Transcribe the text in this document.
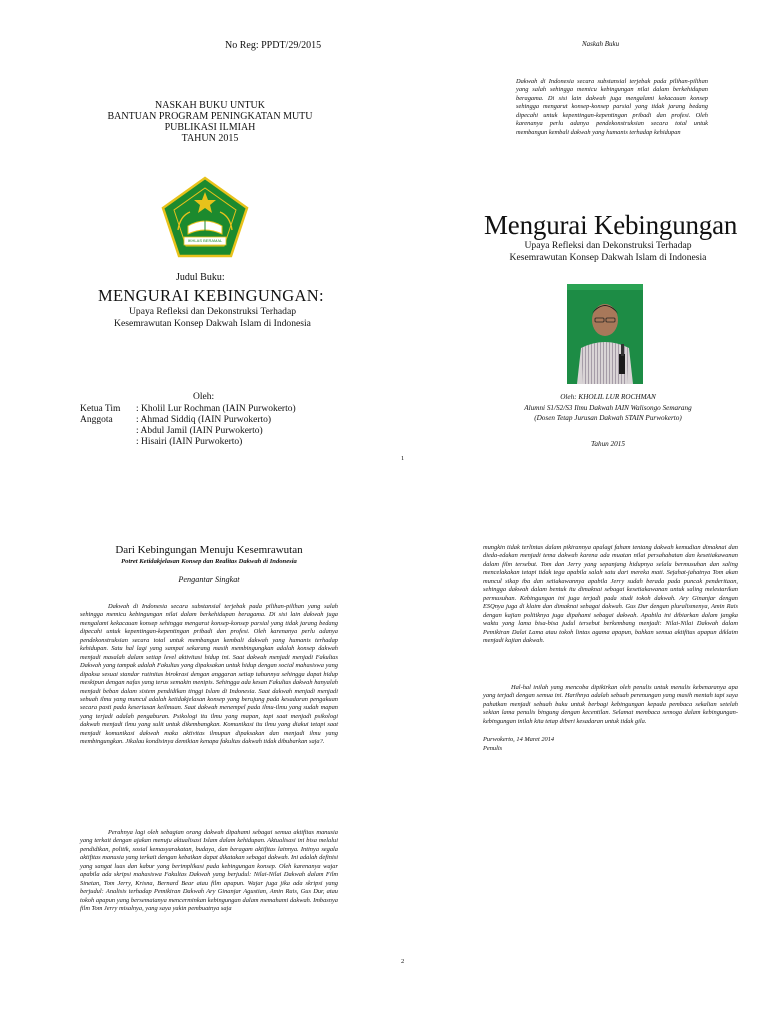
No Reg: PPDT/29/2015
NASKAH BUKU UNTUK
BANTUAN PROGRAM PENINGKATAN MUTU
PUBLIKASI ILMIAH
TAHUN 2015
IKHLAS BERAMAL
Judul Buku:
MENGURAI KEBINGUNGAN:
Upaya Refleksi dan Dekonstruksi Terhadap
Kesemrawutan Konsep Dakwah Islam di Indonesia
Oleh:
Ketua Tim : Kholil Lur Rochman (IAIN Purwokerto)
Anggota : Ahmad Siddiq (IAIN Purwokerto)
: Abdul Jamil (IAIN Purwokerto)
: Hisairi (IAIN Purwokerto)
Naskah Buku
Dakwah di Indonesia secara substansial terjebak pada pilihan-pilihan yang salah sehingga memicu kebingungan nilai dalam berkehidupan beragama. Di sisi lain dakwah juga mengalami kekacauan konsep sehingga mengarut konsep-konsep parsial yang tidak jarang bedang dipecahi untuk kepentingan-kepentingan pribadi dan profesi. Oleh karenanya perlu adanya pendekonstruksian secara total untuk membangun kembali dakwah yang humanis terhadap kehidupan
Mengurai Kebingungan
Upaya Refleksi dan Dekonstruksi Terhadap
Kesemrawutan Konsep Dakwah Islam di Indonesia
Oleh: KHOLIL LUR ROCHMAN
Alumni S1/S2/S3 Ilmu Dakwah IAIN Walisongo Semarang
(Dosen Tetap Jurusan Dakwah STAIN Purwokerto)
Tahun 2015
1
Dari Kebingungan Menuju Kesemrawutan
Potret Ketidakjelasan Konsep dan Realitas Dakwah di Indonesia
Pengantar Singkat
Dakwah di Indonesia secara substansial terjebak pada pilihan-pilihan yang salah sehingga memicu kebingungan nilai dalam berkehidupan beragama. Di sisi lain dakwah juga mengalami kekacauan konsep sehingga mengarut konsep-konsep parsial yang tidak jarang bedang dipecahi untuk kepentingan-kepentingan pribadi dan profesi. Oleh karenanya perlu adanya pendekonstruksian secara total untuk membangun kembali dakwah yang humanis terhadap kehidupan. Satu hal lagi yang sampai sekarang masih membingungkan adalah konsep dakwah menjadi masalah dalam setiap level aktivitasi hidup ini. Saat dakwah menjadi menjadi Fakultas Dakwah yang tampak adalah Fakultas yang dipaksakan untuk hidup dengan social mahasiswa yang dipaksa sesuai standar rutinitas birokrasi dengan anggaran setiap tahunnya sehingga dapat hidup meskipun dengan nafas yang terus semakin menipis. Sehingga ada kesan Fakultas dakwah hanyalah menjadi beban dalam sistem pendidikan tinggi Islam di Indonesia. Saat dakwah menjadi menjadi sebuah ilmu yang muncul adalah ketidakjelasan konsep yang berujung pada kesadaran pengakuan secara pasti pada keseriusan keilmuan. Saat dakwah menempel pada ilmu-ilmu yang sudah mapan yang terjadi adalah pengaburan. Psikologi itu ilmu yang mapan, tapi saat menjadi psikologi dakwah menjadi ilmu yang sulit untuk dikembangkan. Komunikasi itu ilmu yang diakui tetapi saat menjadi komunikasi dakwah maka aktivitas ilmupun dipaksakan dan menjadi ilmu yang membingungkan. Jikalau kondisinya demikian kenapa fakultas dakwah tidak dibubarkan saja?.
Perahnya lagi oleh sebagian orang dakwah dipahami sebagai semua aktifitas manusia yang terkait dengan ajakan menuju aktualisasi Islam dalam kehidupan. Aktualisasi ini bisa melalui pendidikan, politik, sosial kemasyarakatan, budaya, dan beragam aktifitas lainnya. Intinya segala aktifitas manusia yang terkait dengan kebaikan dapat dikatakan sebagai dakwah. Ini adalah definisi yang sangat luas dan kabur yang berimplikasi pada kebingungan konsep. Oleh karenanya wajar apabila ada skripsi mahasiswa Fakultas Dakwah yang berjudul: Nilai-Nilai Dakwah dalam Film Sinetan, Tom Jerry, Krisna, Bernard Bear atau film apapun. Wajar juga jika ada skripsi yang berjudul: Analisis terhadap Pemikiran Dakwah Ary Ginanjar Agustian, Amin Rais, Gus Dur, atau tokoh apapun yang bersemaianya mencerminkan kebingungan dalam memahami dakwah. Imbasnya film Tom Jerry misalnya, yang saya yakin pembuatnya saja
mungkin tidak terlintas dalam pikirannya apalagi faham tentang dakwah kemudian dimaknai dan dieda-edakan menjadi tema dakwah karena ada muatan nilai persahabatan dan kesetiakawanan dalam film tersebut. Tom dan Jerry yang sepanjang hidupnya selalu bermusuhan dan saling mencelakakan tetapi tidak tega apabila salah satu dari mereka mati. Sejahat-jahatnya Tom akan muncul sikap iba dan setiakawannya apabila Jerry sudah berada pada puncak penderitaan, sehingga dakwah dalam bentuk itu dimaknai sebagai kesetiakawanan untuk saling melestarikan permusuhan. Kebingungan ini juga terjadi pada studi tokoh dakwah. Ary Ginanjar dengan ESQnya juga di klaim dan dimaknai sebagai dakwah. Gus Dur dengan pluralismenya, Amin Rais dengan kajian politiknya juga dipahami sebagai dakwah. Apabila ini dibiarkan dalam jangka waktu yang lama bisa-bisa judul tersebut berkembang menjadi: Nilai-Nilai Dakwah dalam Pemikiran Dalai Lama atau tokoh lintas agama apapun, bahkan semua aktifitas apapun diklaim menjadi kajian dakwah.
Hal-hal inilah yang mencoba dipikirkan oleh penulis untuk menulis kebenaranya apa yang terjadi dengan semua ini. Harihnya adalah sebuah perenungan yang masih mentah tapi saya pahatkan menjadi sebuah buku untuk berbagi kebingungan kepada pembaca sekalian setelah sekian lama penulis bingung dengan kecentilan. Selamat membaca semoga dalam kebingungan-kebingungan inilah kita tetap diberi kesadaran untuk tidak gila.
Purwokerto, 14 Maret 2014
Penulis
2
